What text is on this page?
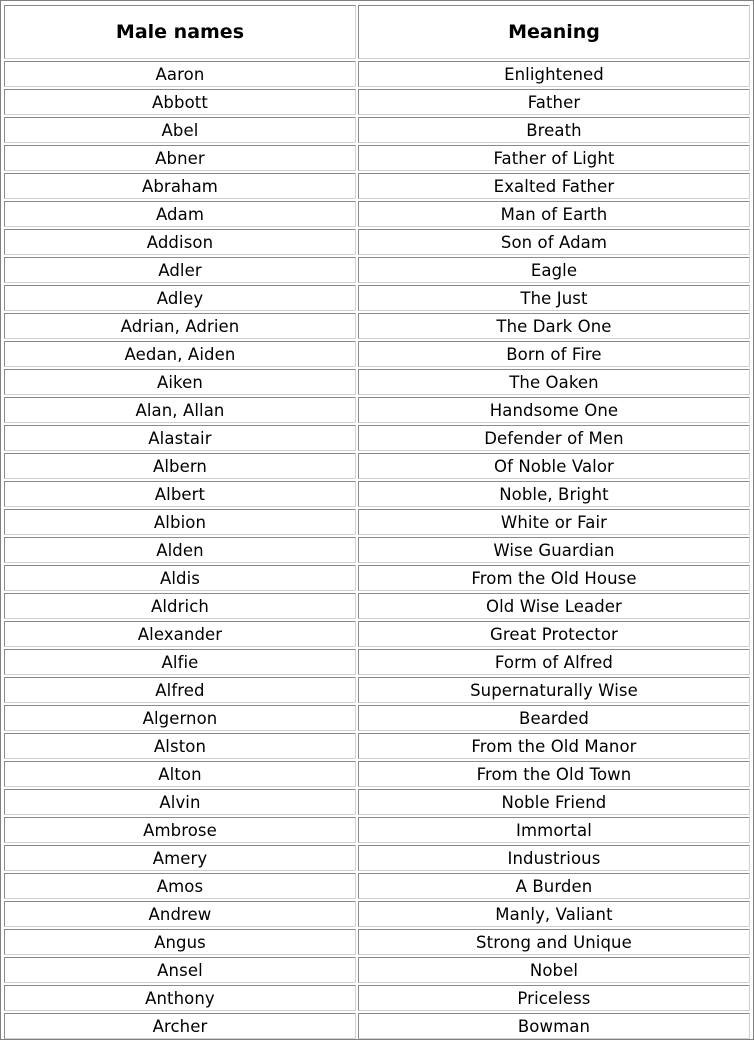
Male names	Meaning
Aaron	Enlightened
Abbott	Father
Abel	Breath
Abner	Father of Light
Abraham	Exalted Father
Adam	Man of Earth
Addison	Son of Adam
Adler	Eagle
Adley	The Just
Adrian, Adrien	The Dark One
Aedan, Aiden	Born of Fire
Aiken	The Oaken
Alan, Allan	Handsome One
Alastair	Defender of Men
Albern	Of Noble Valor
Albert	Noble, Bright
Albion	White or Fair
Alden	Wise Guardian
Aldis	From the Old House
Aldrich	Old Wise Leader
Alexander	Great Protector
Alfie	Form of Alfred
Alfred	Supernaturally Wise
Algernon	Bearded
Alston	From the Old Manor
Alton	From the Old Town
Alvin	Noble Friend
Ambrose	Immortal
Amery	Industrious
Amos	A Burden
Andrew	Manly, Valiant
Angus	Strong and Unique
Ansel	Nobel
Anthony	Priceless
Archer	Bowman
